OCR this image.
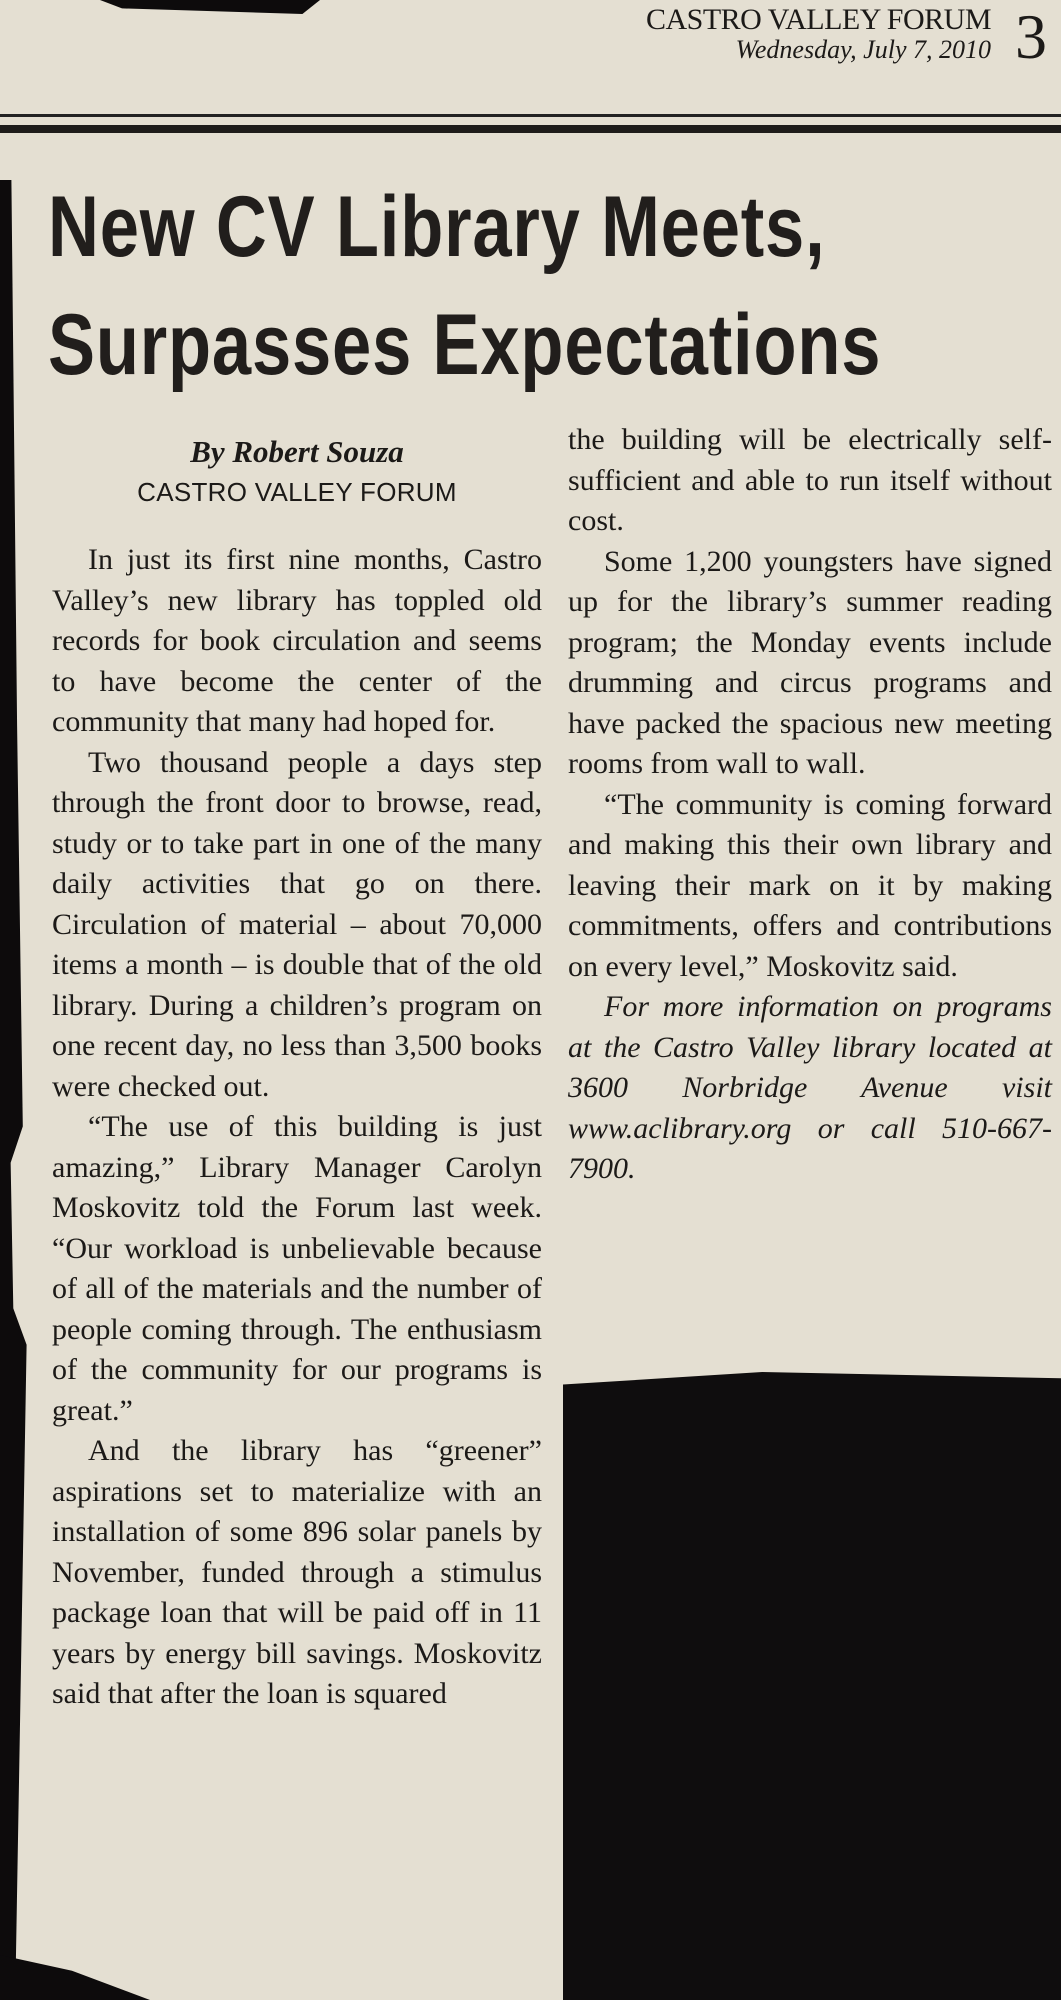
CASTRO VALLEY FORUM
Wednesday, July 7, 2010 3
New CV Library Meets,
Surpasses Expectations
By Robert Souza
CASTRO VALLEY FORUM

In just its first nine months, Castro Valley’s new library has toppled old records for book circulation and seems to have become the center of the community that many had hoped for.

Two thousand people a days step through the front door to browse, read, study or to take part in one of the many daily activities that go on there. Circulation of material – about 70,000 items a month – is double that of the old library. During a children’s program on one recent day, no less than 3,500 books were checked out.

“The use of this building is just amazing,” Library Manager Carolyn Moskovitz told the Forum last week. “Our workload is unbelievable because of all of the materials and the number of people coming through. The enthusiasm of the community for our programs is great.”

And the library has “greener” aspirations set to materialize with an installation of some 896 solar panels by November, funded through a stimulus package loan that will be paid off in 11 years by energy bill savings. Moskovitz said that after the loan is squared

the building will be electrically self-sufficient and able to run itself without cost.

Some 1,200 youngsters have signed up for the library’s summer reading program; the Monday events include drumming and circus programs and have packed the spacious new meeting rooms from wall to wall.

“The community is coming forward and making this their own library and leaving their mark on it by making commitments, offers and contributions on every level,” Moskovitz said.

For more information on programs at the Castro Valley library located at 3600 Norbridge Avenue visit www.aclibrary.org or call 510-667-7900.
